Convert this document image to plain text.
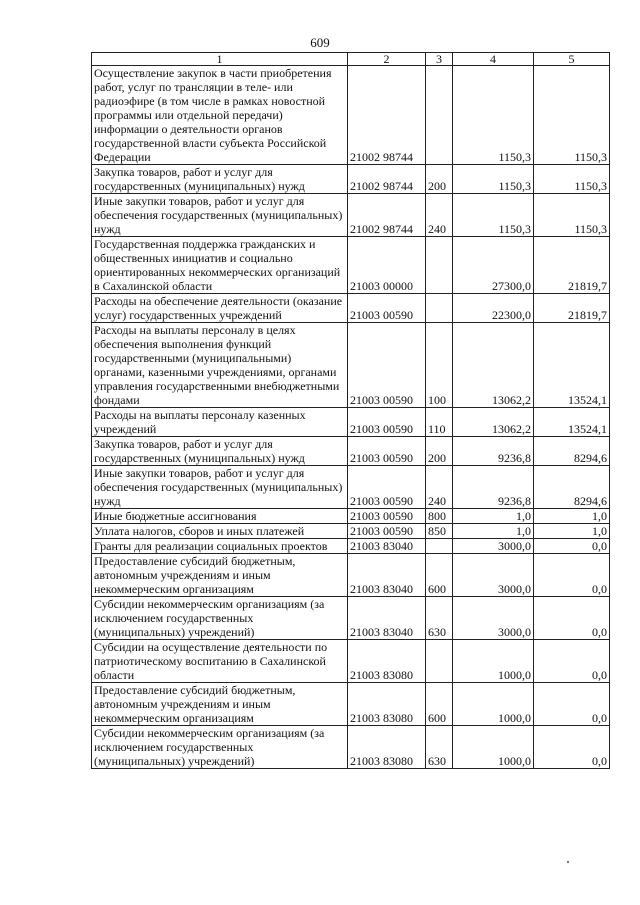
609
1	2	3	4	5
Осуществление закупок в части приобретения работ, услуг по трансляции в теле- или радиоэфире (в том числе в рамках новостной программы или отдельной передачи) информации о деятельности органов государственной власти субъекта Российской Федерации	21002 98744		1150,3	1150,3
Закупка товаров, работ и услуг для государственных (муниципальных) нужд	21002 98744	200	1150,3	1150,3
Иные закупки товаров, работ и услуг для обеспечения государственных (муниципальных) нужд	21002 98744	240	1150,3	1150,3
Государственная поддержка гражданских и общественных инициатив и социально ориентированных некоммерческих организаций в Сахалинской области	21003 00000		27300,0	21819,7
Расходы на обеспечение деятельности (оказание услуг) государственных учреждений	21003 00590		22300,0	21819,7
Расходы на выплаты персоналу в целях обеспечения выполнения функций государственными (муниципальными) органами, казенными учреждениями, органами управления государственными внебюджетными фондами	21003 00590	100	13062,2	13524,1
Расходы на выплаты персоналу казенных учреждений	21003 00590	110	13062,2	13524,1
Закупка товаров, работ и услуг для государственных (муниципальных) нужд	21003 00590	200	9236,8	8294,6
Иные закупки товаров, работ и услуг для обеспечения государственных (муниципальных) нужд	21003 00590	240	9236,8	8294,6
Иные бюджетные ассигнования	21003 00590	800	1,0	1,0
Уплата налогов, сборов и иных платежей	21003 00590	850	1,0	1,0
Гранты для реализации социальных проектов	21003 83040		3000,0	0,0
Предоставление субсидий бюджетным, автономным учреждениям и иным некоммерческим организациям	21003 83040	600	3000,0	0,0
Субсидии некоммерческим организациям (за исключением государственных (муниципальных) учреждений)	21003 83040	630	3000,0	0,0
Субсидии на осуществление деятельности по патриотическому воспитанию в Сахалинской области	21003 83080		1000,0	0,0
Предоставление субсидий бюджетным, автономным учреждениям и иным некоммерческим организациям	21003 83080	600	1000,0	0,0
Субсидии некоммерческим организациям (за исключением государственных (муниципальных) учреждений)	21003 83080	630	1000,0	0,0
